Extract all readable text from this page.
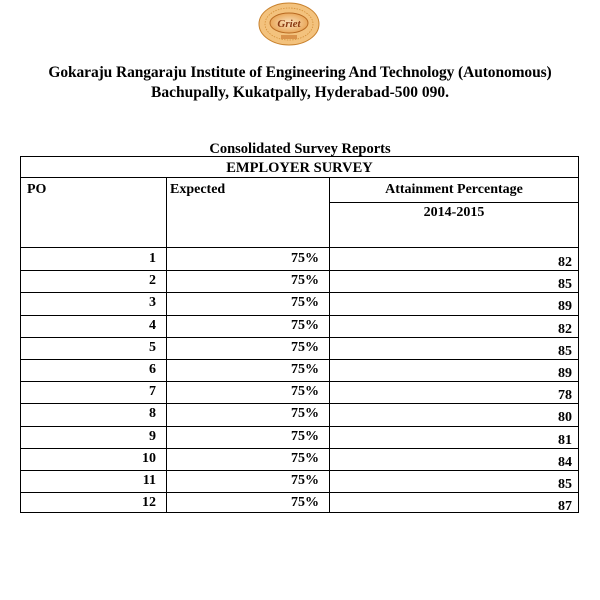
Griet
Gokaraju Rangaraju Institute of Engineering And Technology (Autonomous)
Bachupally, Kukatpally, Hyderabad-500 090.
Consolidated Survey Reports
EMPLOYER SURVEY
PO	Expected	Attainment Percentage
2014-2015
1	75%	82
2	75%	85
3	75%	89
4	75%	82
5	75%	85
6	75%	89
7	75%	78
8	75%	80
9	75%	81
10	75%	84
11	75%	85
12	75%	87
